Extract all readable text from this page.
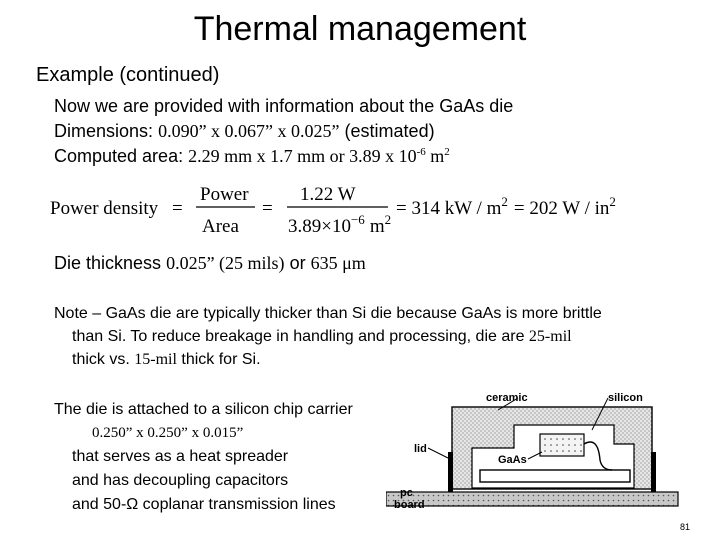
Thermal management
Example (continued)
Now we are provided with information about the GaAs die
Dimensions: 0.090” x 0.067” x 0.025” (estimated)
Computed area: 2.29 mm x 1.7 mm or 3.89 x $10^{-6}$ $m^2$
Power density =
Power
Area
=
1.22 W
$3.89\times 10^{-6}$ $m^2$
= 314 kW / $m^2 = 202$ W / $in^2$
Die thickness 0.025” (25 mils) or 635 μm
Note – GaAs die are typically thicker than Si die because GaAs is more brittle
than Si. To reduce breakage in handling and processing, die are 25-mil
thick vs. 15-mil thick for Si.
The die is attached to a silicon chip carrier
0.250” x 0.250” x 0.015”
that serves as a heat spreader
and has decoupling capacitors
and 50-Ω coplanar transmission lines
ceramic	silicon
lid
GaAs
pc
board
81
